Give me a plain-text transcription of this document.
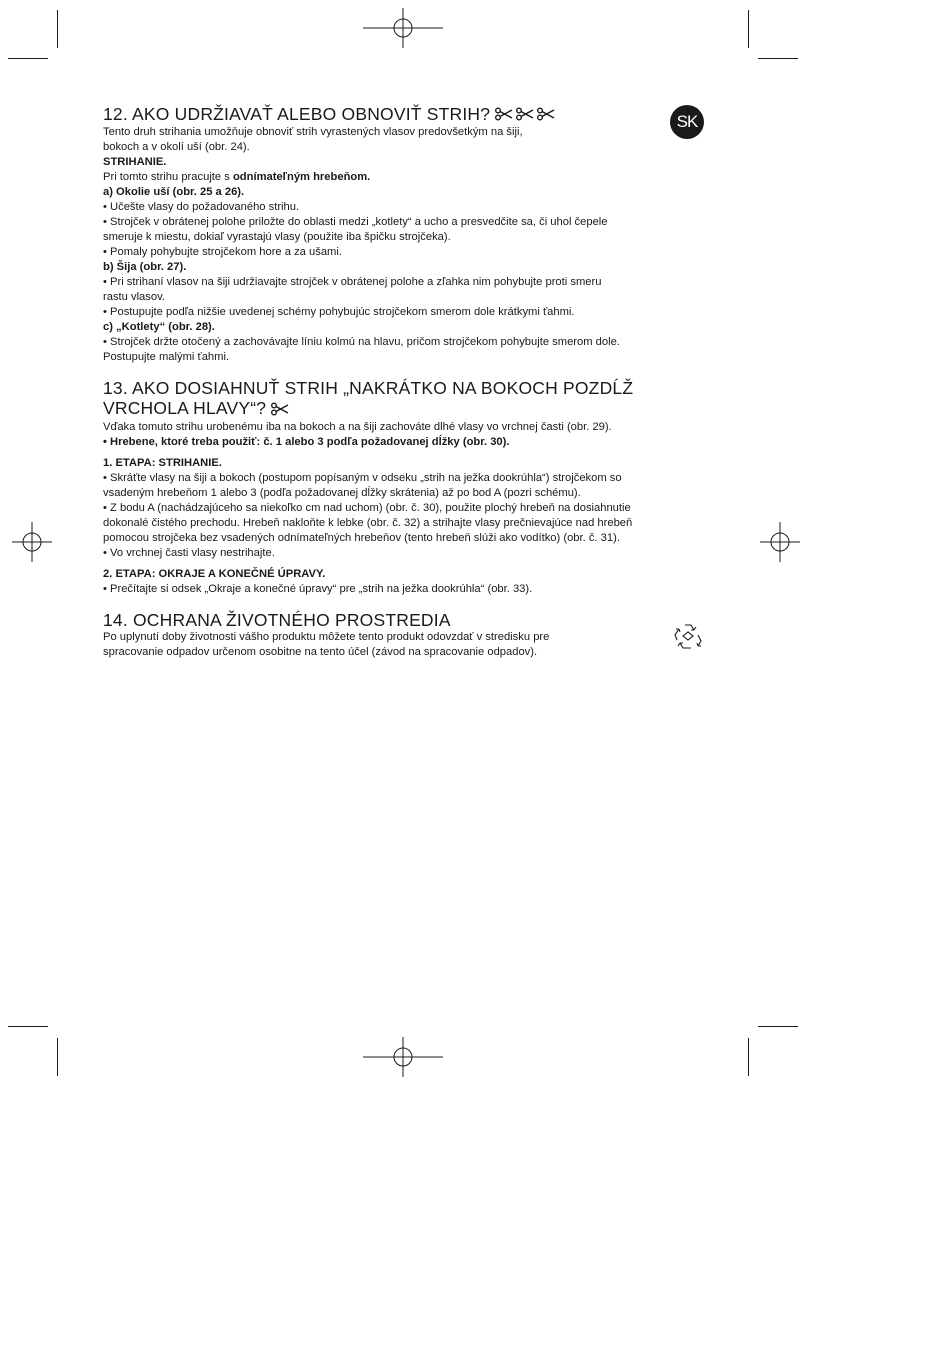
SK
12. AKO UDRŽIAVAŤ ALEBO OBNOVIŤ STRIH?

Tento druh strihania umožňuje obnoviť strih vyrastených vlasov predovšetkým na šiji,

bokoch a v okolí uší (obr. 24).

STRIHANIE.

Pri tomto strihu pracujte s odnímateľným hrebeňom.

a) Okolie uší (obr. 25 a 26).

• Učešte vlasy do požadovaného strihu.

• Strojček v obrátenej polohe priložte do oblasti medzi „kotlety“ a ucho a presvedčite sa, či uhol čepele

smeruje k miestu, dokiaľ vyrastajú vlasy (použite iba špičku strojčeka).

• Pomaly pohybujte strojčekom hore a za ušami.

b) Šija (obr. 27).

• Pri strihaní vlasov na šiji udržiavajte strojček v obrátenej polohe a zľahka nim pohybujte proti smeru

rastu vlasov.

• Postupujte podľa nižšie uvedenej schémy pohybujúc strojčekom smerom dole krátkymi ťahmi.

c) „Kotlety“ (obr. 28).

• Strojček držte otočený a zachovávajte líniu kolmú na hlavu, pričom strojčekom pohybujte smerom dole.

Postupujte malými ťahmi.

13. AKO DOSIAHNUŤ STRIH „NAKRÁTKO NA BOKOCH POZDĹŽ
VRCHOLA HLAVY“?

Vďaka tomuto strihu urobenému iba na bokoch a na šiji zachováte dlhé vlasy vo vrchnej časti (obr. 29).

• Hrebene, ktoré treba použiť: č. 1 alebo 3 podľa požadovanej dĺžky (obr. 30).

1. ETAPA: STRIHANIE.

• Skráťte vlasy na šiji a bokoch (postupom popísaným v odseku „strih na ježka dookrúhla“) strojčekom so

vsadeným hrebeňom 1 alebo 3 (podľa požadovanej dĺžky skrátenia) až po bod A (pozri schému).

• Z bodu A (nachádzajúceho sa niekoľko cm nad uchom) (obr. č. 30), použite plochý hrebeň na dosiahnutie

dokonalé čistého prechodu. Hrebeň nakloňte k lebke (obr. č. 32) a strihajte vlasy prečnievajúce nad hrebeň

pomocou strojčeka bez vsadených odnímateľných hrebeňov (tento hrebeň slúži ako vodítko) (obr. č. 31).

• Vo vrchnej časti vlasy nestrihajte.

2. ETAPA: OKRAJE A KONEČNÉ ÚPRAVY.

• Prečítajte si odsek „Okraje a konečné úpravy“ pre „strih na ježka dookrúhla“ (obr. 33).

14. OCHRANA ŽIVOTNÉHO PROSTREDIA

Po uplynutí doby životnosti vášho produktu môžete tento produkt odovzdať v stredisku pre

spracovanie odpadov určenom osobitne na tento účel (závod na spracovanie odpadov).
